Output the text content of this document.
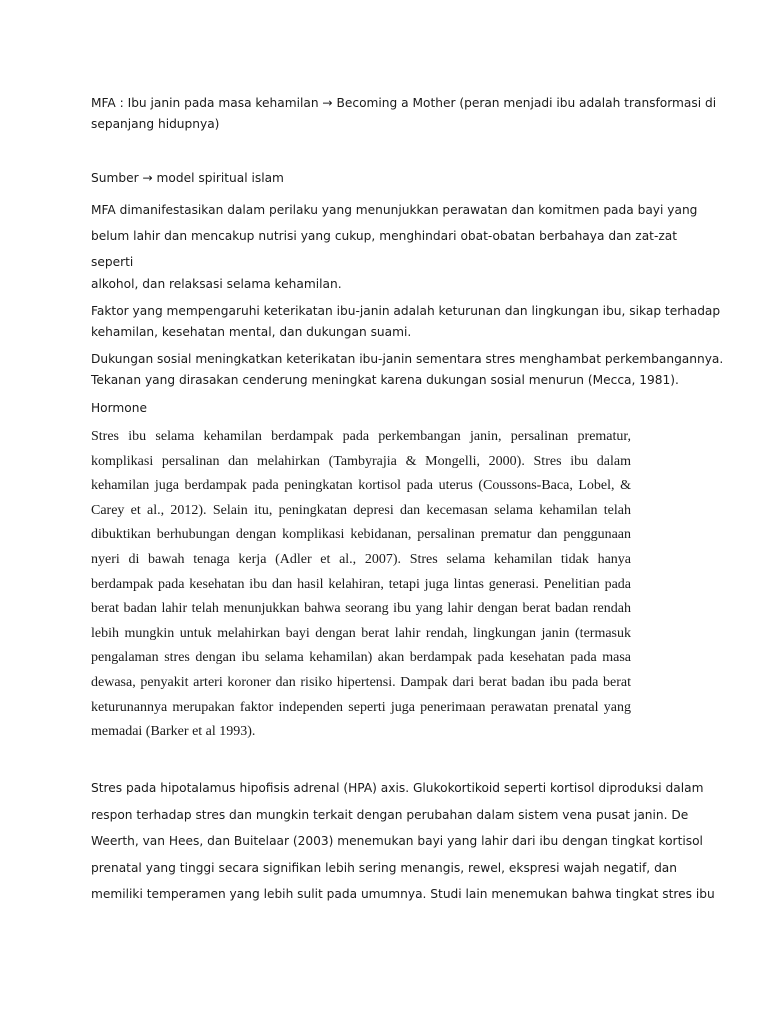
MFA : Ibu janin pada masa kehamilan → Becoming a Mother (peran menjadi ibu adalah transformasi di
sepanjang hidupnya)
Sumber → model spiritual islam
MFA dimanifestasikan dalam perilaku yang menunjukkan perawatan dan komitmen pada bayi yang
belum lahir dan mencakup nutrisi yang cukup, menghindari obat-obatan berbahaya dan zat-zat
seperti
alkohol, dan relaksasi selama kehamilan.
Faktor yang mempengaruhi keterikatan ibu-janin adalah keturunan dan lingkungan ibu, sikap terhadap
kehamilan, kesehatan mental, dan dukungan suami.
Dukungan sosial meningkatkan keterikatan ibu-janin sementara stres menghambat perkembangannya.
Tekanan yang dirasakan cenderung meningkat karena dukungan sosial menurun (Mecca, 1981).
Hormone
Stres ibu selama kehamilan berdampak pada perkembangan janin, persalinan prematur,
komplikasi persalinan dan melahirkan (Tambyrajia & Mongelli, 2000). Stres ibu dalam
kehamilan juga berdampak pada peningkatan kortisol pada uterus (Coussons-Baca, Lobel, &
Carey et al., 2012). Selain itu, peningkatan depresi dan kecemasan selama kehamilan telah
dibuktikan berhubungan dengan komplikasi kebidanan, persalinan prematur dan penggunaan
nyeri di bawah tenaga kerja (Adler et al., 2007). Stres selama kehamilan tidak hanya
berdampak pada kesehatan ibu dan hasil kelahiran, tetapi juga lintas generasi. Penelitian pada
berat badan lahir telah menunjukkan bahwa seorang ibu yang lahir dengan berat badan rendah
lebih mungkin untuk melahirkan bayi dengan berat lahir rendah, lingkungan janin (termasuk
pengalaman stres dengan ibu selama kehamilan) akan berdampak pada kesehatan pada masa
dewasa, penyakit arteri koroner dan risiko hipertensi. Dampak dari berat badan ibu pada berat
keturunannya merupakan faktor independen seperti juga penerimaan perawatan prenatal yang
memadai (Barker et al 1993).
Stres pada hipotalamus hipofisis adrenal (HPA) axis. Glukokortikoid seperti kortisol diproduksi dalam
respon terhadap stres dan mungkin terkait dengan perubahan dalam sistem vena pusat janin. De
Weerth, van Hees, dan Buitelaar (2003) menemukan bayi yang lahir dari ibu dengan tingkat kortisol
prenatal yang tinggi secara signifikan lebih sering menangis, rewel, ekspresi wajah negatif, dan
memiliki temperamen yang lebih sulit pada umumnya. Studi lain menemukan bahwa tingkat stres ibu
